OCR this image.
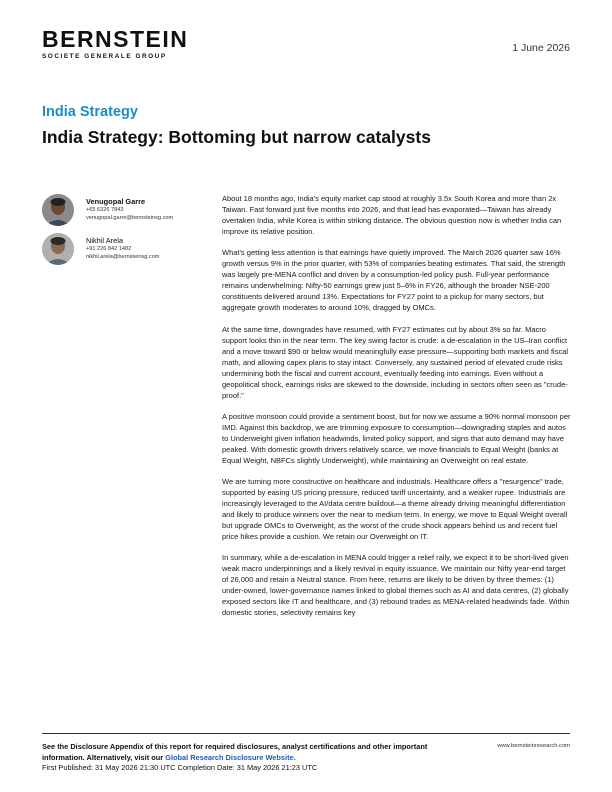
BERNSTEIN
SOCIETE GENERALE GROUP
1 June 2026
India Strategy
India Strategy: Bottoming but narrow catalysts
Venugopal Garre
+65 6326 7843
venugopal.garre@bernsteinsg.com
Nikhil Arela
+91 226 842 1482
nikhil.arela@bernsteinsg.com

About 18 months ago, India's equity market cap stood at roughly 3.5x South Korea and more than 2x Taiwan. Fast forward just five months into 2026, and that lead has evaporated—Taiwan has already overtaken India, while Korea is within striking distance. The obvious question now is whether India can improve its relative position.

What's getting less attention is that earnings have quietly improved. The March 2026 quarter saw 16% growth versus 9% in the prior quarter, with 53% of companies beating estimates. That said, the strength was largely pre-MENA conflict and driven by a consumption-led policy push. Full-year performance remains underwhelming: Nifty-50 earnings grew just 5–6% in FY26, although the broader NSE-200 constituents delivered around 13%. Expectations for FY27 point to a pickup for many sectors, but aggregate growth moderates to around 10%, dragged by OMCs.

At the same time, downgrades have resumed, with FY27 estimates cut by about 3% so far. Macro support looks thin in the near term. The key swing factor is crude: a de-escalation in the US–Iran conflict and a move toward $90 or below would meaningfully ease pressure—supporting both markets and fiscal math, and allowing capex plans to stay intact. Conversely, any sustained period of elevated crude risks undermining both the fiscal and current account, eventually feeding into earnings. Even without a geopolitical shock, earnings risks are skewed to the downside, including in sectors often seen as "crude-proof."

A positive monsoon could provide a sentiment boost, but for now we assume a 90% normal monsoon per IMD. Against this backdrop, we are trimming exposure to consumption—downgrading staples and autos to Underweight given inflation headwinds, limited policy support, and signs that auto demand may have peaked. With domestic growth drivers relatively scarce, we move financials to Equal Weight (banks at Equal Weight, NBFCs slightly Underweight), while maintaining an Overweight on real estate.

We are turning more constructive on healthcare and industrials. Healthcare offers a "resurgence" trade, supported by easing US pricing pressure, reduced tariff uncertainty, and a weaker rupee. Industrials are increasingly leveraged to the AI/data centre buildout—a theme already driving meaningful differentiation and likely to produce winners over the near to medium term. In energy, we move to Equal Weight overall but upgrade OMCs to Overweight, as the worst of the crude shock appears behind us and recent fuel price hikes provide a cushion. We retain our Overweight on IT.

In summary, while a de-escalation in MENA could trigger a relief rally, we expect it to be short-lived given weak macro underpinnings and a likely revival in equity issuance. We maintain our Nifty year-end target of 26,000 and retain a Neutral stance. From here, returns are likely to be driven by three themes: (1) under-owned, lower-governance names linked to global themes such as AI and data centres, (2) globally exposed sectors like IT and healthcare, and (3) rebound trades as MENA-related headwinds fade. Within domestic stories, selectivity remains key

See the Disclosure Appendix of this report for required disclosures, analyst certifications and other important information. Alternatively, visit our Global Research Disclosure Website.
First Published: 31 May 2026 21:30 UTC Completion Date: 31 May 2026 21:23 UTC
www.bernsteinresearch.com
